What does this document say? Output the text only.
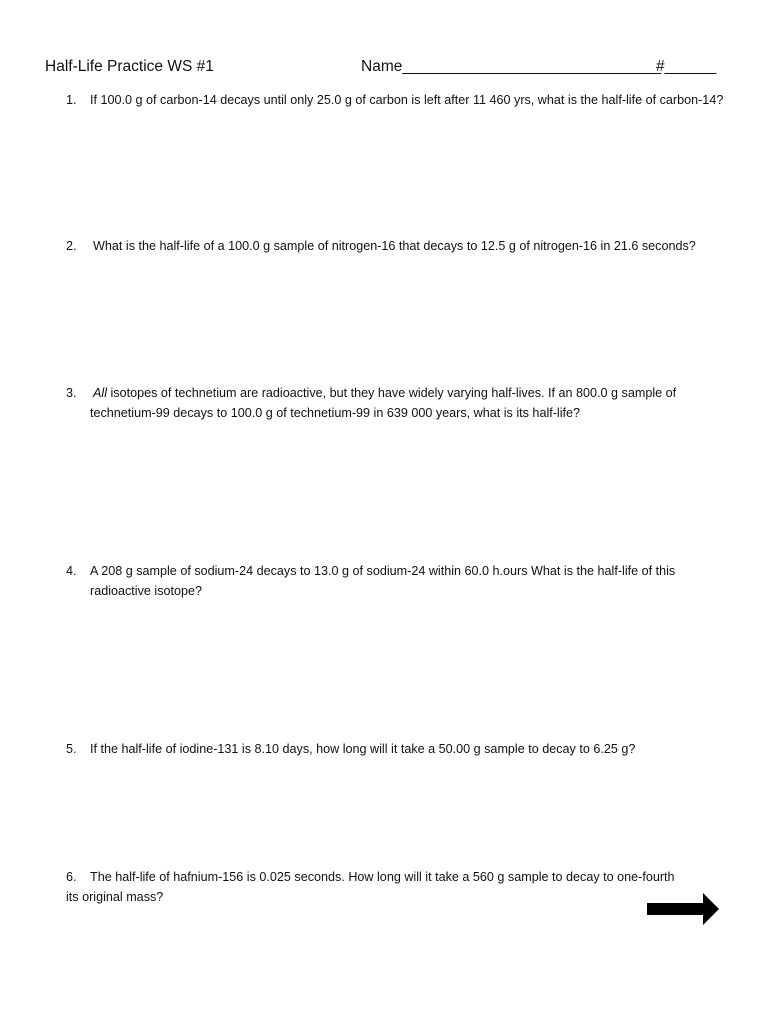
Half-Life Practice WS #1	Name______________________________
#______
1. If 100.0 g of carbon-14 decays until only 25.0 g of carbon is left after 11 460 yrs, what is the half-life of carbon-14?
2. What is the half-life of a 100.0 g sample of nitrogen-16 that decays to 12.5 g of nitrogen-16 in 21.6 seconds?
3. All isotopes of technetium are radioactive, but they have widely varying half-lives. If an 800.0 g sample of technetium-99 decays to 100.0 g of technetium-99 in 639 000 years, what is its half-life?
4. A 208 g sample of sodium-24 decays to 13.0 g of sodium-24 within 60.0 h.ours What is the half-life of this radioactive isotope?
5. If the half-life of iodine-131 is 8.10 days, how long will it take a 50.00 g sample to decay to 6.25 g?
6. The half-life of hafnium-156 is 0.025 seconds. How long will it take a 560 g sample to decay to one-fourth
its original mass?
